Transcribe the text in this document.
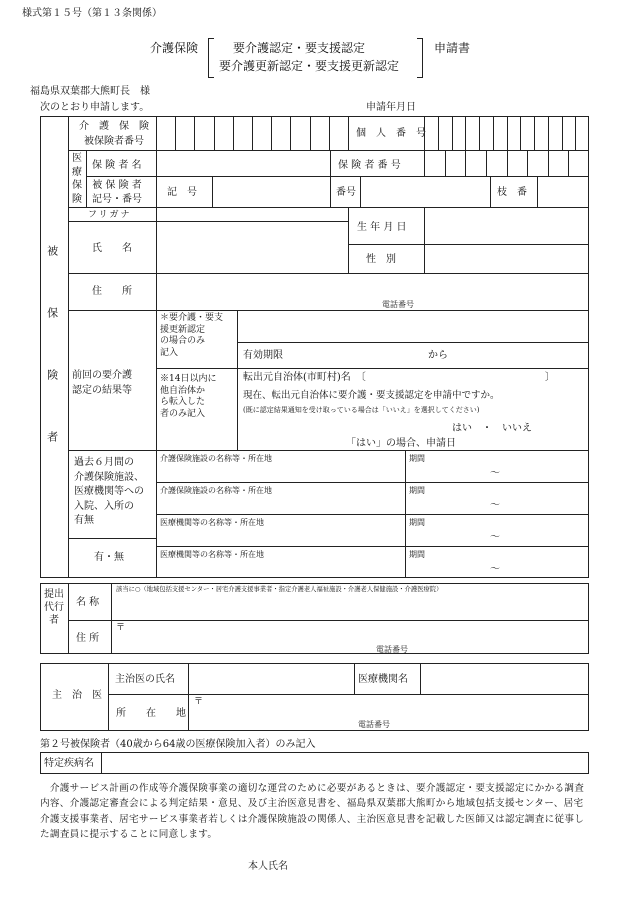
様式第１５号（第１３条関係）
介護保険	要介護認定・要支援認定
要介護更新認定・要支援更新認定
申請書
福島県双葉郡大熊町長　様
次のとおり申請します。	申請年月日
被　保　険　者
介　護　保　険
被保険者番号
個　人　番　号
医療保険
保 険 者 名	保 険 者 番 号
被 保 険 者
記号・番号
記　号	番号	枝　番
フリガナ
氏　　名
生 年 月 日
性　別
住　　所
電話番号
前回の要介護
認定の結果等
＊要介護・要支
援更新認定
の場合のみ
記入	有効期限	から
※14日以内に
他自治体か
ら転入した
者のみ記入
転出元自治体(市町村)名　〔	〕
現在、転出元自治体に要介護・要支援認定を申請中ですか。
(既に認定結果通知を受け取っている場合は「いいえ」を選択してください)
はい　・　いいえ
「はい」の場合、申請日
過去６月間の
介護保険施設、
医療機関等への
入院、入所の
有無
有・無
介護保険施設の名称等・所在地	期間
～
介護保険施設の名称等・所在地	期間
～
医療機関等の名称等・所在地	期間
～
医療機関等の名称等・所在地	期間
～
提出代行者
名 称
該当に○（地域包括支援センター・居宅介護支援事業者・指定介護老人福祉施設・介護老人保健施設・介護医療院）
住 所
〒
電話番号
主　治　医
主治医の氏名	医療機関名
所　　在　　地
〒
電話番号
第２号被保険者（40歳から64歳の医療保険加入者）のみ記入
特定疾病名
　介護サービス計画の作成等介護保険事業の適切な運営のために必要があるときは、要介護認定・要支援認定にかかる調査内容、介護認定審査会による判定結果・意見、及び主治医意見書を、福島県双葉郡大熊町から地域包括支援センター、居宅介護支援事業者、居宅サービス事業者若しくは介護保険施設の関係人、主治医意見書を記載した医師又は認定調査に従事した調査員に提示することに同意します。
本人氏名
